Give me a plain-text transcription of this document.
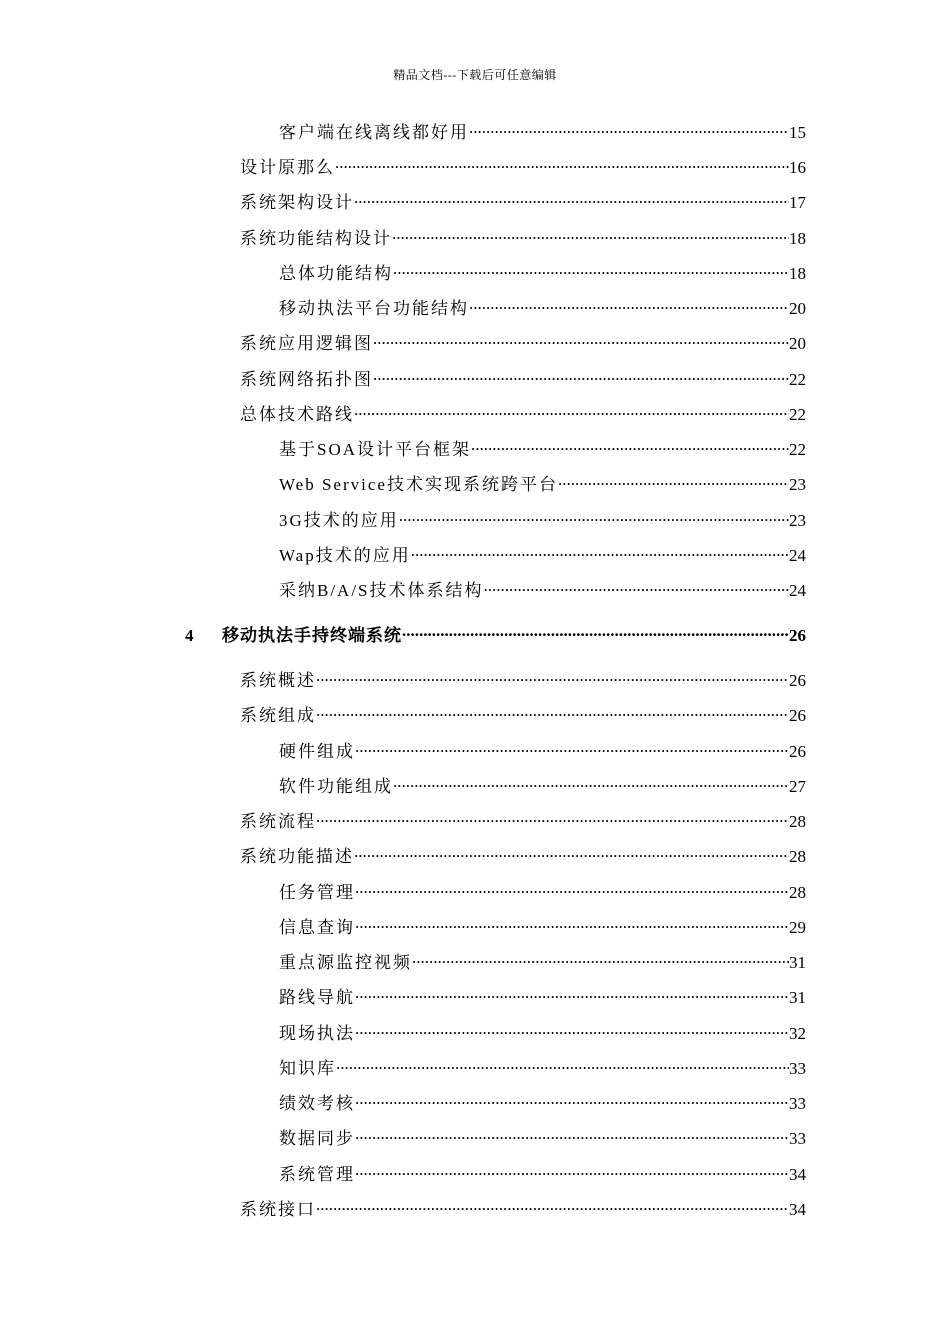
精品文档---下载后可任意编辑
客户端在线离线都好用 .....	15
设计原那么 .....	16
系统架构设计 .....	17
系统功能结构设计 .....	18
总体功能结构 .....	18
移动执法平台功能结构 .....	20
系统应用逻辑图 .....	20
系统网络拓扑图 .....	22
总体技术路线 .....	22
基于SOA设计平台框架 .....	22
Web Service技术实现系统跨平台 .....	23
3G技术的应用 .....	23
Wap技术的应用 .....	24
采纳B/A/S技术体系结构 .....	24
4	移动执法手持终端系统 .....	26
系统概述 .....	26
系统组成 .....	26
硬件组成 .....	26
软件功能组成 .....	27
系统流程 .....	28
系统功能描述 .....	28
任务管理 .....	28
信息查询 .....	29
重点源监控视频 .....	31
路线导航 .....	31
现场执法 .....	32
知识库 .....	33
绩效考核 .....	33
数据同步 .....	33
系统管理 .....	34
系统接口 .....	34
